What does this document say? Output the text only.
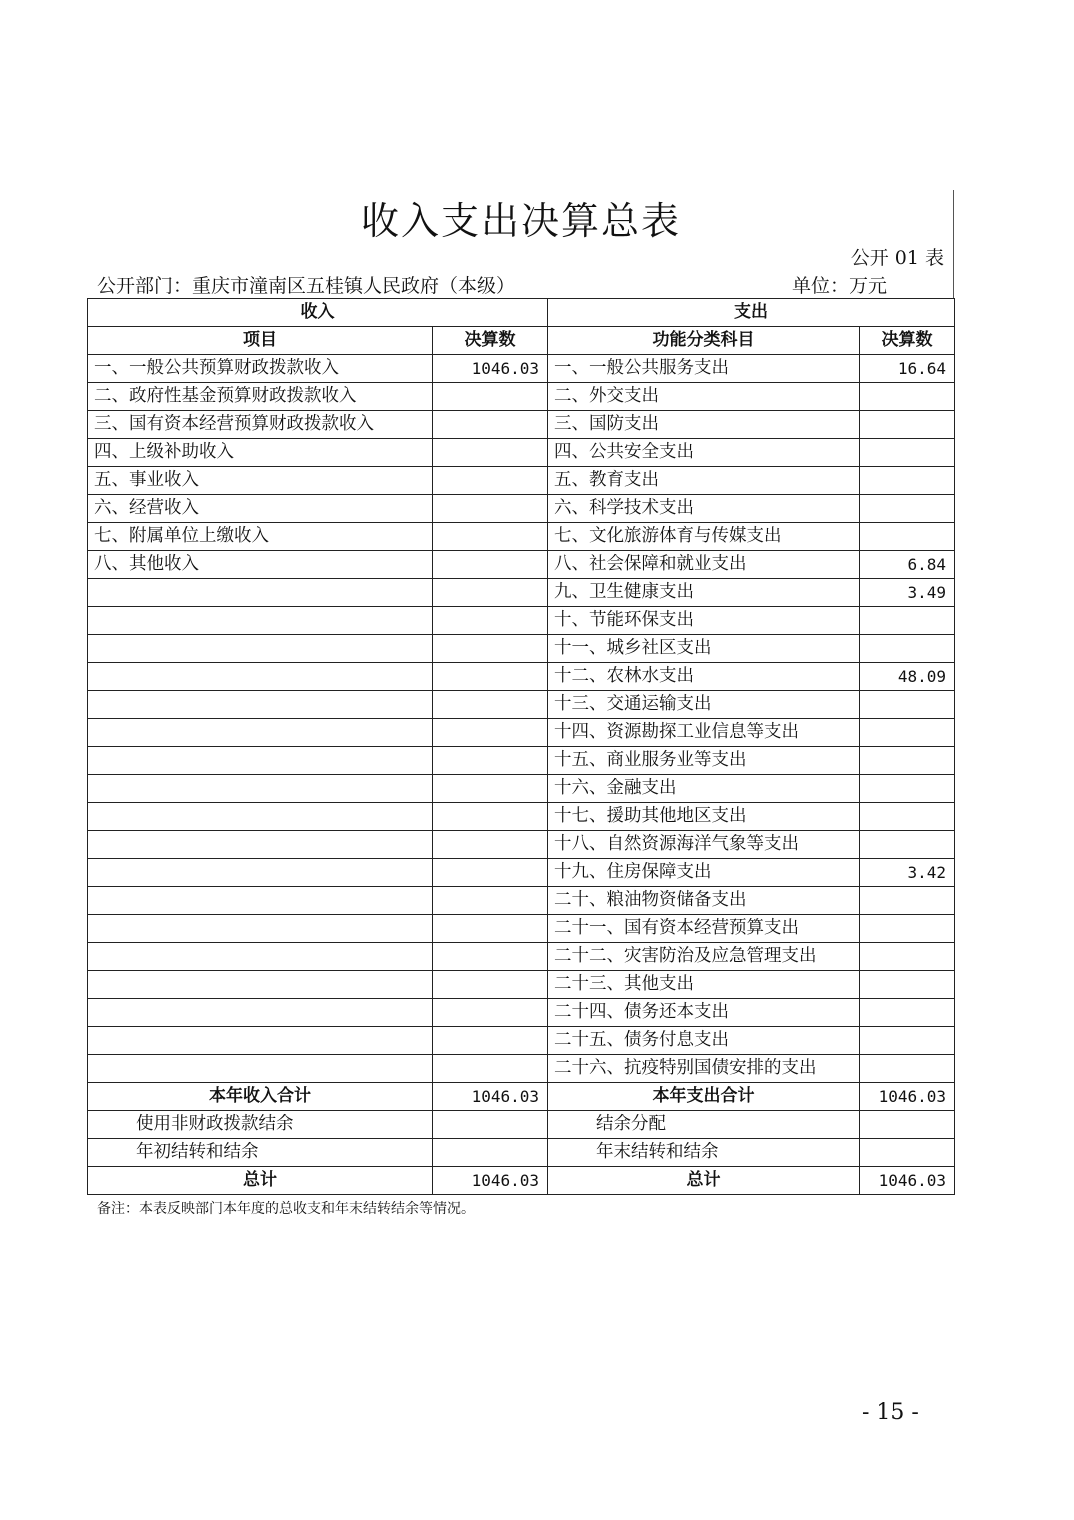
收入支出决算总表
公开 01 表
公开部门：重庆市潼南区五桂镇人民政府（本级）	单位：万元
收入		支出	
项目	决算数	功能分类科目	决算数
一、一般公共预算财政拨款收入	1046.03	一、一般公共服务支出	16.64
二、政府性基金预算财政拨款收入		二、外交支出	
三、国有资本经营预算财政拨款收入		三、国防支出	
四、上级补助收入		四、公共安全支出	
五、事业收入		五、教育支出	
六、经营收入		六、科学技术支出	
七、附属单位上缴收入		七、文化旅游体育与传媒支出	
八、其他收入		八、社会保障和就业支出	6.84
		九、卫生健康支出	3.49
		十、节能环保支出	
		十一、城乡社区支出	
		十二、农林水支出	48.09
		十三、交通运输支出	
		十四、资源勘探工业信息等支出	
		十五、商业服务业等支出	
		十六、金融支出	
		十七、援助其他地区支出	
		十八、自然资源海洋气象等支出	
		十九、住房保障支出	3.42
		二十、粮油物资储备支出	
		二十一、国有资本经营预算支出	
		二十二、灾害防治及应急管理支出	
		二十三、其他支出	
		二十四、债务还本支出	
		二十五、债务付息支出	
		二十六、抗疫特别国债安排的支出	
本年收入合计	1046.03	本年支出合计	1046.03
使用非财政拨款结余		结余分配	
年初结转和结余		年末结转和结余	
总计	1046.03	总计	1046.03
备注：本表反映部门本年度的总收支和年末结转结余等情况。
- 15 -
